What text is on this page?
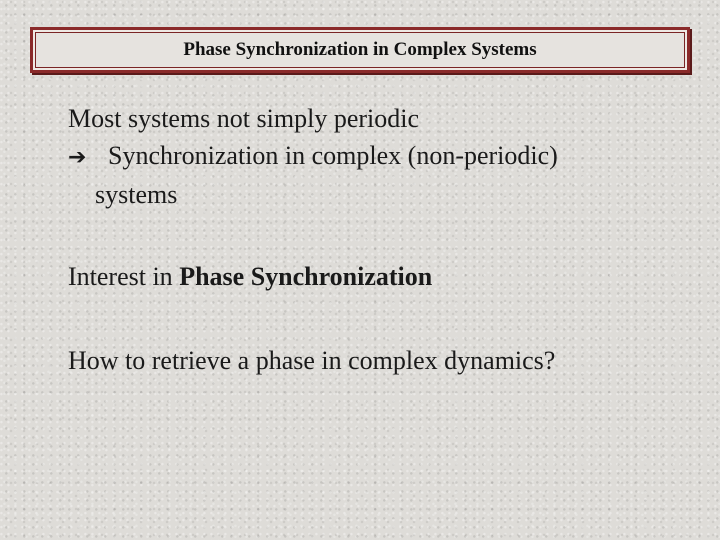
Phase Synchronization in Complex Systems
Most systems not simply periodic
➔ Synchronization in complex (non-periodic)
systems
Interest in Phase Synchronization
How to retrieve a phase in complex dynamics?
